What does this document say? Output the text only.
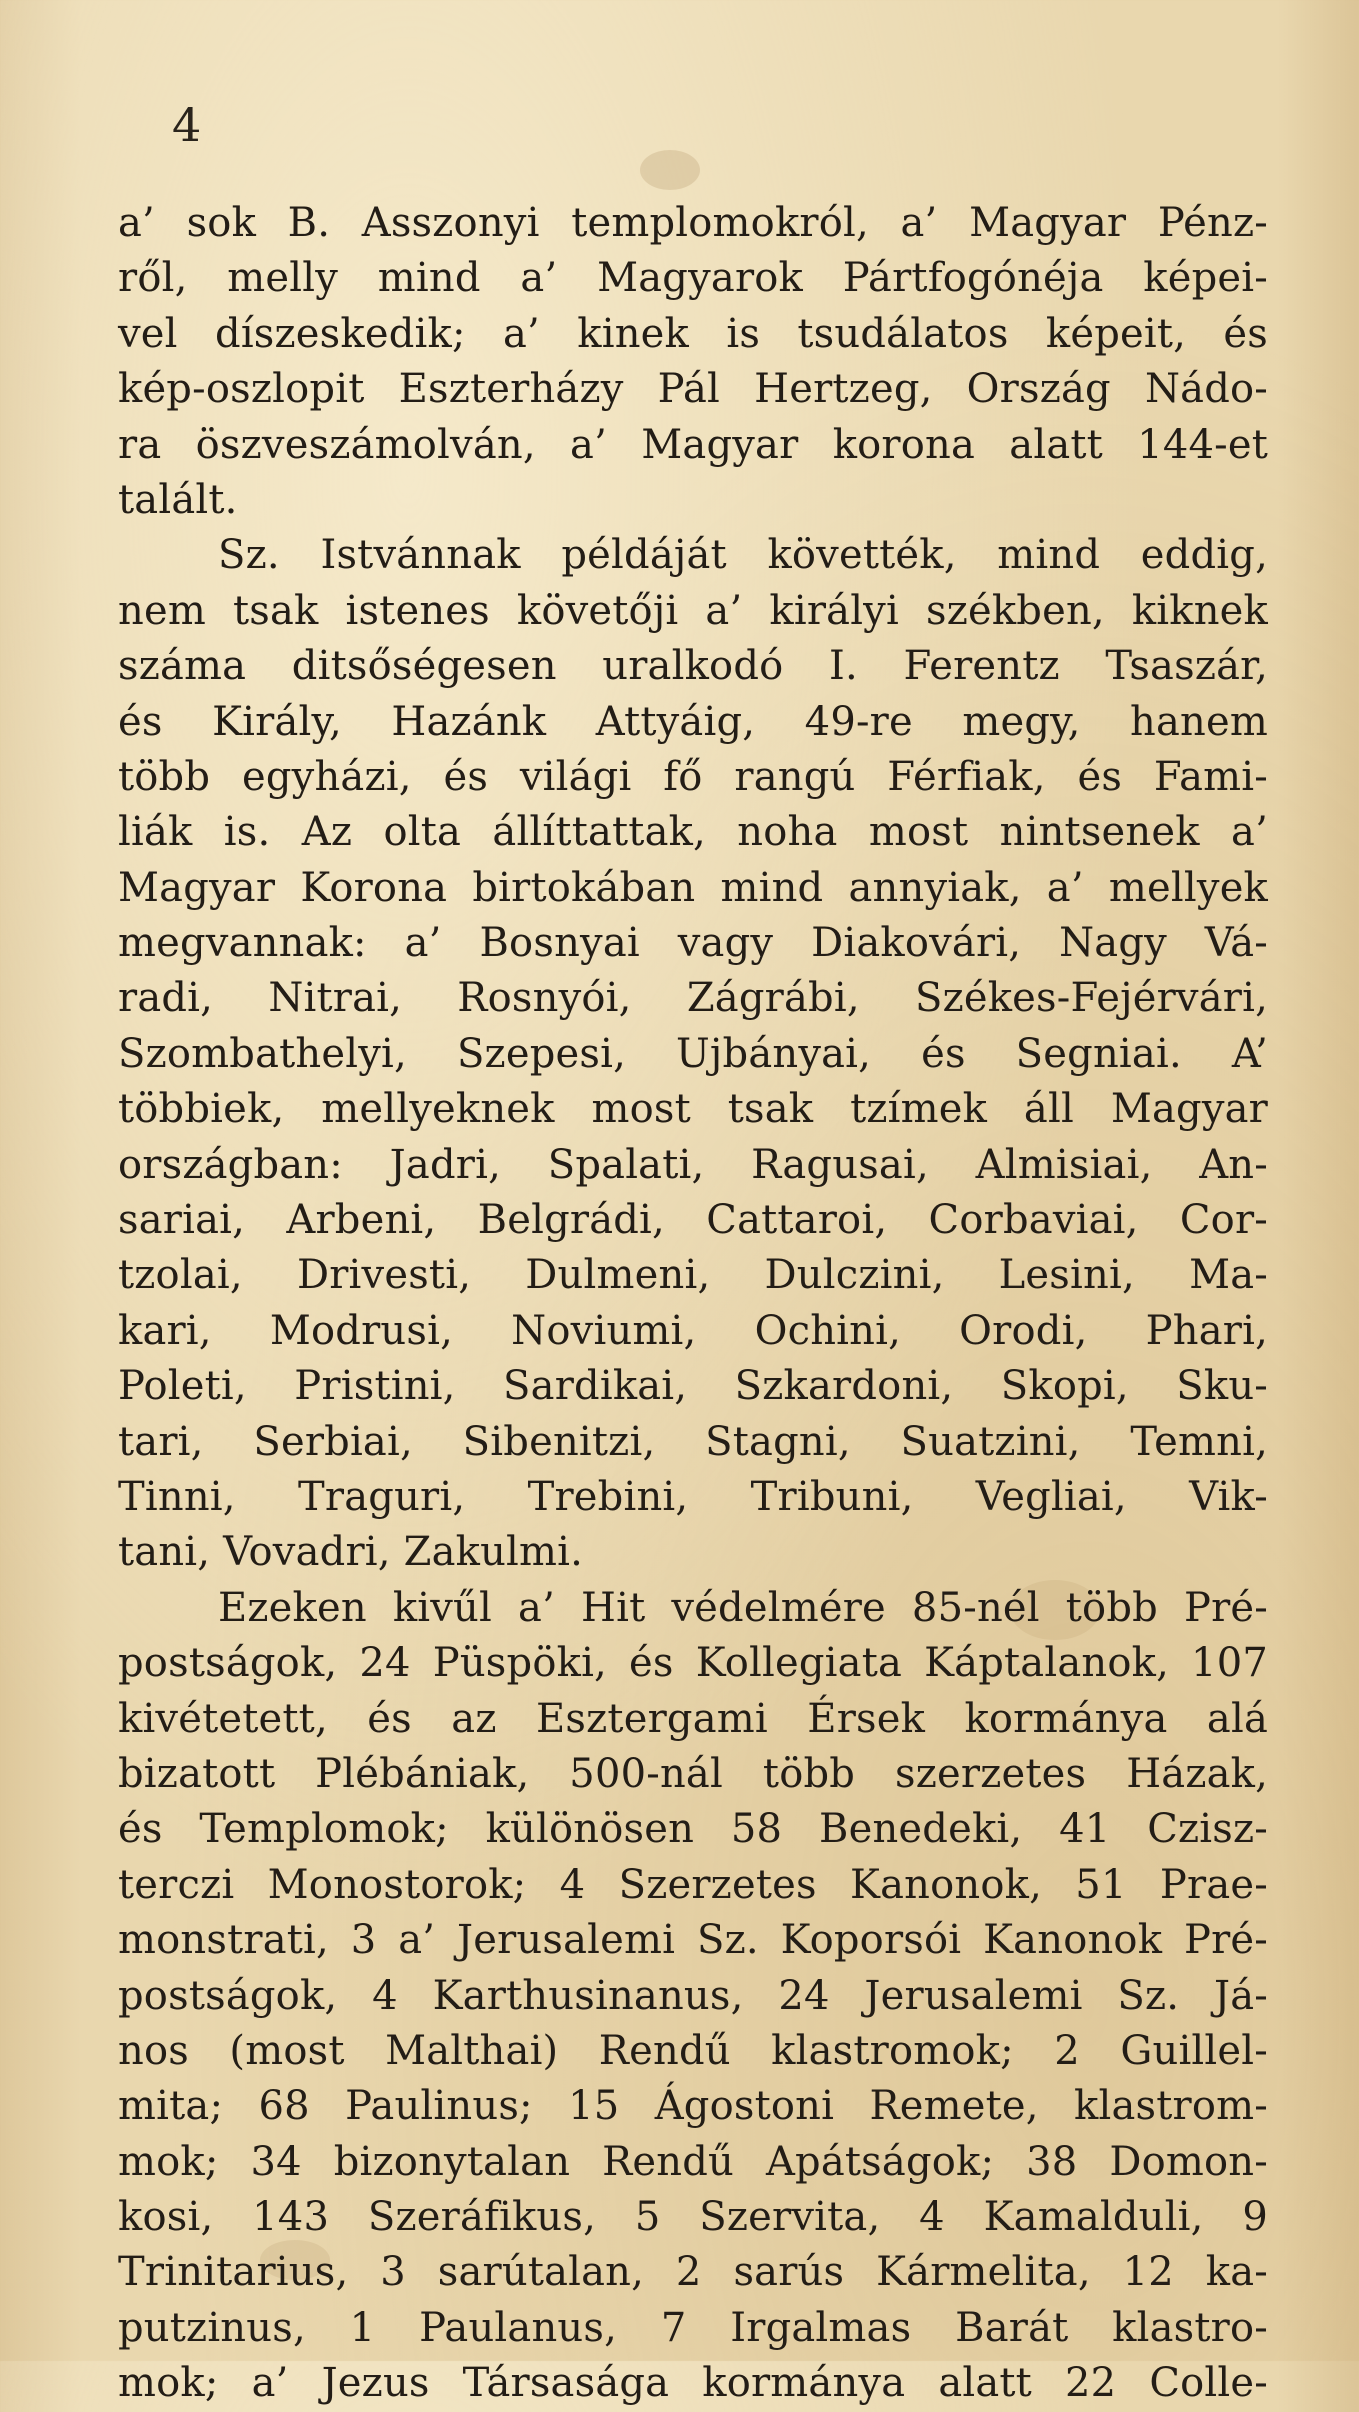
4
a’ sok B. Asszonyi templomokról, a’ Magyar Pénz-
ről, melly mind a’ Magyarok Pártfogónéja képei-
vel díszeskedik; a’ kinek is tsudálatos képeit, és
kép-oszlopit Eszterházy Pál Hertzeg, Ország Nádo-
ra öszveszámolván, a’ Magyar korona alatt 144-et
talált.
Sz. Istvánnak példáját követték, mind eddig,
nem tsak istenes követőji a’ királyi székben, kiknek
száma ditsőségesen uralkodó I. Ferentz Tsaszár,
és Király, Hazánk Attyáig, 49-re megy, hanem
több egyházi, és világi fő rangú Férfiak, és Fami-
liák is. Az olta állíttattak, noha most nintsenek a’
Magyar Korona birtokában mind annyiak, a’ mellyek
megvannak: a’ Bosnyai vagy Diakovári, Nagy Vá-
radi, Nitrai, Rosnyói, Zágrábi, Székes-Fejérvári,
Szombathelyi, Szepesi, Ujbányai, és Segniai. A’
többiek, mellyeknek most tsak tzímek áll Magyar
országban: Jadri, Spalati, Ragusai, Almisiai, An-
sariai, Arbeni, Belgrádi, Cattaroi, Corbaviai, Cor-
tzolai, Drivesti, Dulmeni, Dulczini, Lesini, Ma-
kari, Modrusi, Noviumi, Ochini, Orodi, Phari,
Poleti, Pristini, Sardikai, Szkardoni, Skopi, Sku-
tari, Serbiai, Sibenitzi, Stagni, Suatzini, Temni,
Tinni, Traguri, Trebini, Tribuni, Vegliai, Vik-
tani, Vovadri, Zakulmi.
Ezeken kivűl a’ Hit védelmére 85-nél több Pré-
postságok, 24 Püspöki, és Kollegiata Káptalanok, 107
kivétetett, és az Esztergami Érsek kormánya alá
bizatott Plébániak, 500-nál több szerzetes Házak,
és Templomok; különösen 58 Benedeki, 41 Czisz-
terczi Monostorok; 4 Szerzetes Kanonok, 51 Prae-
monstrati, 3 a’ Jerusalemi Sz. Koporsói Kanonok Pré-
postságok, 4 Karthusinanus, 24 Jerusalemi Sz. Já-
nos (most Malthai) Rendű klastromok; 2 Guillel-
mita; 68 Paulinus; 15 Ágostoni Remete, klastrom-
mok; 34 bizonytalan Rendű Apátságok; 38 Domon-
kosi, 143 Szeráfikus, 5 Szervita, 4 Kamalduli, 9
Trinitarius, 3 sarútalan, 2 sarús Kármelita, 12 ka-
putzinus, 1 Paulanus, 7 Irgalmas Barát klastro-
mok; a’ Jezus Társasága kormánya alatt 22 Colle-
